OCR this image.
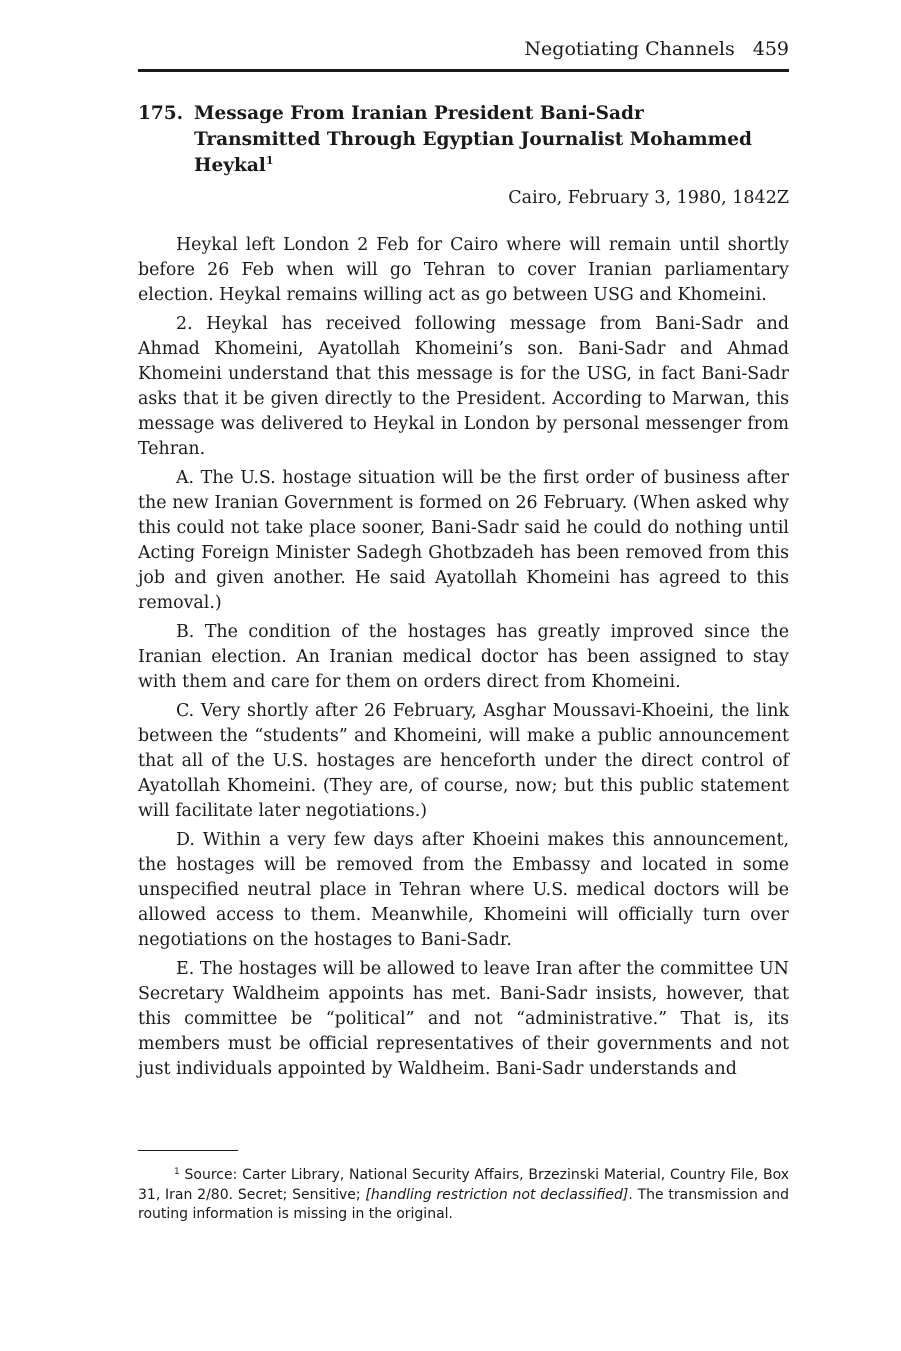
Negotiating Channels 459
175. Message From Iranian President Bani-Sadr Transmitted Through Egyptian Journalist Mohammed Heykal$^1$
Cairo, February 3, 1980, 1842Z

Heykal left London 2 Feb for Cairo where will remain until shortly before 26 Feb when will go Tehran to cover Iranian parliamentary election. Heykal remains willing act as go between USG and Khomeini.

2. Heykal has received following message from Bani-Sadr and Ahmad Khomeini, Ayatollah Khomeini’s son. Bani-Sadr and Ahmad Khomeini understand that this message is for the USG, in fact Bani-Sadr asks that it be given directly to the President. According to Marwan, this message was delivered to Heykal in London by personal messenger from Tehran.

A. The U.S. hostage situation will be the first order of business after the new Iranian Government is formed on 26 February. (When asked why this could not take place sooner, Bani-Sadr said he could do nothing until Acting Foreign Minister Sadegh Ghotbzadeh has been removed from this job and given another. He said Ayatollah Khomeini has agreed to this removal.)

B. The condition of the hostages has greatly improved since the Iranian election. An Iranian medical doctor has been assigned to stay with them and care for them on orders direct from Khomeini.

C. Very shortly after 26 February, Asghar Moussavi-Khoeini, the link between the “students” and Khomeini, will make a public announcement that all of the U.S. hostages are henceforth under the direct control of Ayatollah Khomeini. (They are, of course, now; but this public statement will facilitate later negotiations.)

D. Within a very few days after Khoeini makes this announcement, the hostages will be removed from the Embassy and located in some unspecified neutral place in Tehran where U.S. medical doctors will be allowed access to them. Meanwhile, Khomeini will officially turn over negotiations on the hostages to Bani-Sadr.

E. The hostages will be allowed to leave Iran after the committee UN Secretary Waldheim appoints has met. Bani-Sadr insists, however, that this committee be “political” and not “administrative.” That is, its members must be official representatives of their governments and not just individuals appointed by Waldheim. Bani-Sadr understands and

$^1$ Source: Carter Library, National Security Affairs, Brzezinski Material, Country File, Box 31, Iran 2/80. Secret; Sensitive; [handling restriction not declassified]. The transmission and routing information is missing in the original.
